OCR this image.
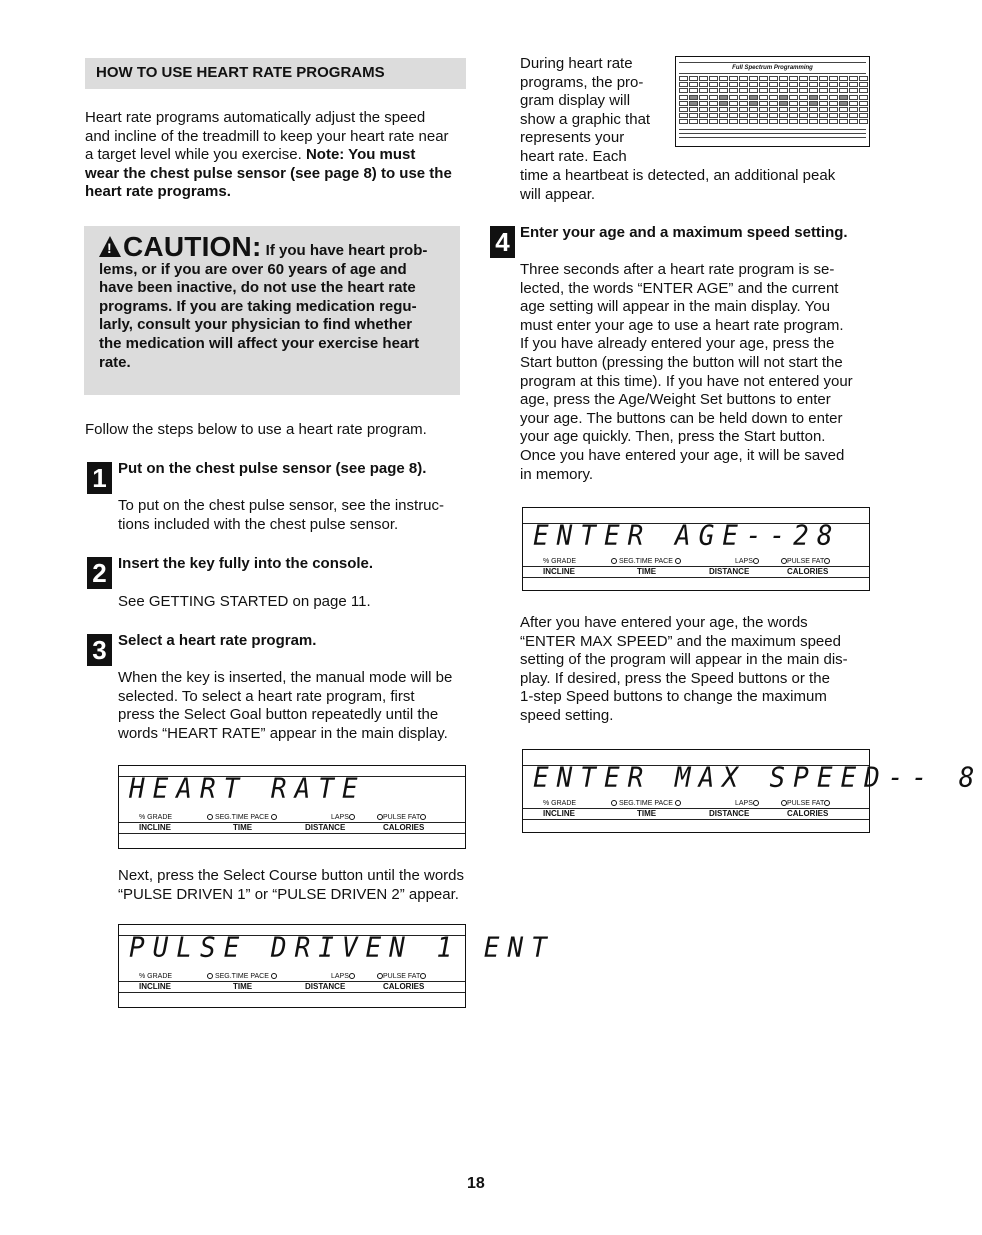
HOW TO USE HEART RATE PROGRAMS
Heart rate programs automatically adjust the speed
and incline of the treadmill to keep your heart rate near
a target level while you exercise. Note: You must
wear the chest pulse sensor (see page 8) to use the
heart rate programs.
!CAUTION: If you have heart prob-
lems, or if you are over 60 years of age and
have been inactive, do not use the heart rate
programs. If you are taking medication regu-
larly, consult your physician to find whether
the medication will affect your exercise heart
rate.
Follow the steps below to use a heart rate program.
1 Put on the chest pulse sensor (see page 8).
To put on the chest pulse sensor, see the instruc-
tions included with the chest pulse sensor.
2 Insert the key fully into the console.
See GETTING STARTED on page 11.
3 Select a heart rate program.
When the key is inserted, the manual mode will be
selected. To select a heart rate program, first
press the Select Goal button repeatedly until the
words “HEART RATE” appear in the main display.
HEART RATE
% GRADE	SEG.TIME PACE	LAPS	PULSE FAT
INCLINE	TIME	DISTANCE	CALORIES
Next, press the Select Course button until the words
“PULSE DRIVEN 1” or “PULSE DRIVEN 2” appear.
PULSE DRIVEN 1 ENT
% GRADE	SEG.TIME PACE	LAPS	PULSE FAT
INCLINE	TIME	DISTANCE	CALORIES
During heart rate
programs, the pro-
gram display will
show a graphic that
represents your
heart rate. Each
time a heartbeat is detected, an additional peak
will appear.
Full Spectrum Programming
4 Enter your age and a maximum speed setting.
Three seconds after a heart rate program is se-
lected, the words “ENTER AGE” and the current
age setting will appear in the main display. You
must enter your age to use a heart rate program.
If you have already entered your age, press the
Start button (pressing the button will not start the
program at this time). If you have not entered your
age, press the Age/Weight Set buttons to enter
your age. The buttons can be held down to enter
your age quickly. Then, press the Start button.
Once you have entered your age, it will be saved
in memory.
ENTER AGE--28
% GRADE	SEG.TIME PACE	LAPS	PULSE FAT
INCLINE	TIME	DISTANCE	CALORIES
After you have entered your age, the words
“ENTER MAX SPEED” and the maximum speed
setting of the program will appear in the main dis-
play. If desired, press the Speed buttons or the
1-step Speed buttons to change the maximum
speed setting.
ENTER MAX SPEED-- 8
% GRADE	SEG.TIME PACE	LAPS	PULSE FAT
INCLINE	TIME	DISTANCE	CALORIES
18
